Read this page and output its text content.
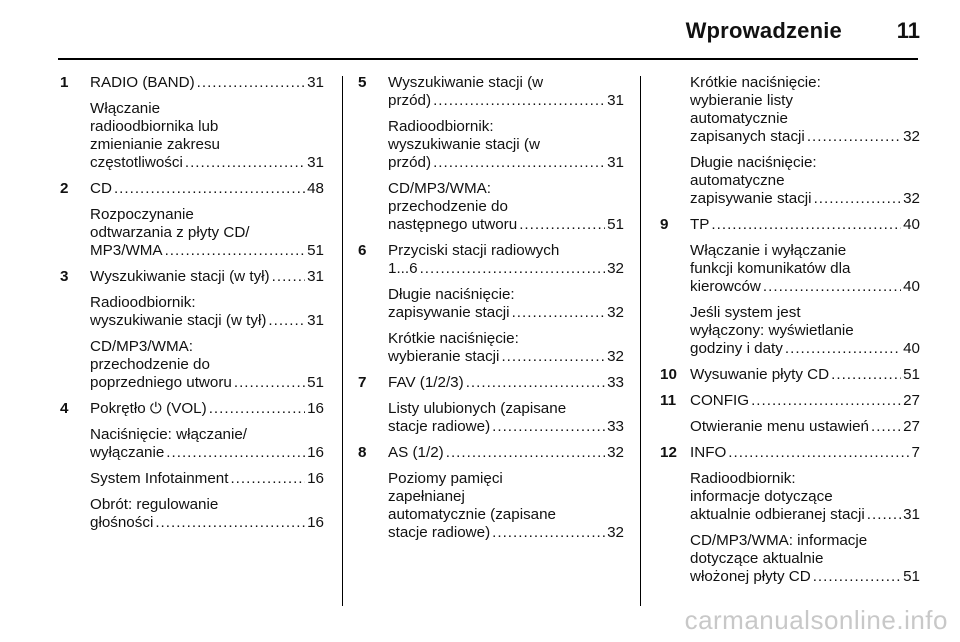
Wprowadzenie 11
1 RADIO (BAND) .....	31
Włączanie
radioodbiornika lub
zmienianie zakresu
częstotliwości .....	31
2 CD .....	48
Rozpoczynanie
odtwarzania z płyty CD/
MP3/WMA .....	51
3 Wyszukiwanie stacji (w tył) ..... 31
Radioodbiornik:
wyszukiwanie stacji (w tył) .....	31
CD/MP3/WMA:
przechodzenie do
poprzedniego utworu .....	51
4 Pokrętło ⏻ (VOL) .....	16
Naciśnięcie: włączanie/
wyłączanie .....	16
System Infotainment .....	16
Obrót: regulowanie
głośności .....	16
5 Wyszukiwanie stacji (w
przód) .....	31
Radioodbiornik:
wyszukiwanie stacji (w
przód) .....	31
CD/MP3/WMA:
przechodzenie do
następnego utworu .....	51
6 Przyciski stacji radiowych
1...6 .....	32
Długie naciśnięcie:
zapisywanie stacji .....	32
Krótkie naciśnięcie:
wybieranie stacji .....	32
7 FAV (1/2/3) .....	33
Listy ulubionych (zapisane
stacje radiowe) .....	33
8 AS (1/2) .....	32
Poziomy pamięci
zapełnianej
automatycznie (zapisane
stacje radiowe) .....	32
Krótkie naciśnięcie:
wybieranie listy
automatycznie
zapisanych stacji .....	32
Długie naciśnięcie:
automatyczne
zapisywanie stacji .....	32
9 TP .....	40
Włączanie i wyłączanie
funkcji komunikatów dla
kierowców .....	40
Jeśli system jest
wyłączony: wyświetlanie
godziny i daty .....	40
10 Wysuwanie płyty CD .....	51
11 CONFIG .....	27
Otwieranie menu ustawień ..... 27
12 INFO .....	7
Radioodbiornik:
informacje dotyczące
aktualnie odbieranej stacji .....	31
CD/MP3/WMA: informacje
dotyczące aktualnie
włożonej płyty CD .....	51
carmanualsonline.info
